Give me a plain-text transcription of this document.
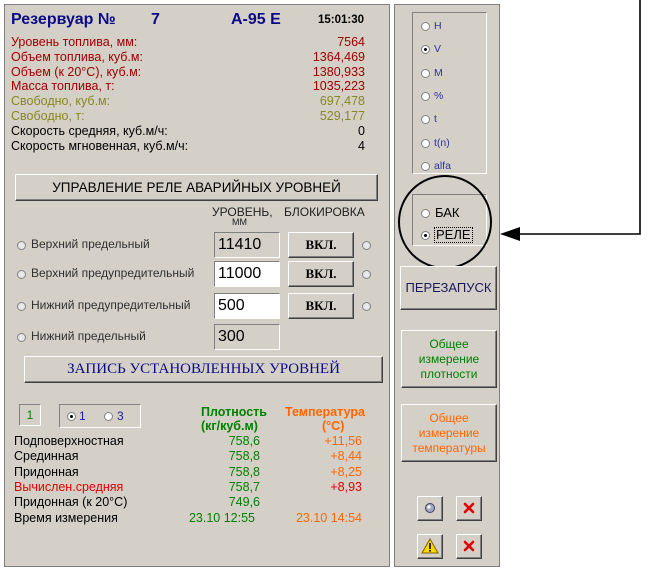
Резервуар № 7	А-95 Е	15:01:30
Уровень топлива, мм:	7564
Объем топлива, куб.м:	1364,469
Объем (к 20°С), куб.м:	1380,933
Масса топлива, т:	1035,223
Свободно, куб.м:	697,478
Свободно, т:	529,177
Скорость средняя, куб.м/ч:	0
Скорость мгновенная, куб.м/ч:	4
УПРАВЛЕНИЕ РЕЛЕ АВАРИЙНЫХ УРОВНЕЙ
УРОВЕНЬ,
ММ
БЛОКИРОВКА
Верхний предельный	11410	ВКЛ.
Верхний предупредительный 11000	ВКЛ.
Нижний предупредительный 500	ВКЛ.
Нижний предельный	300
ЗАПИСЬ УСТАНОВЛЕННЫХ УРОВНЕЙ
1	1	3	Плотность
(кг/куб.м)
Температура
(°С)
Подповерхностная	758,6	+11,56
Срединная	758,8	+8,44
Придонная	758,8	+8,25
Вычислен.средняя	758,7	+8,93
Придонная (к 20°С)	749,6
Время измерения	23.10 12:55	23.10 14:54
Н
V
М
%
t
t(n)
alfa
БАК
РЕЛЕ
ПЕРЕЗАПУСК
Общее измерение плотности
Общее измерение температуры
